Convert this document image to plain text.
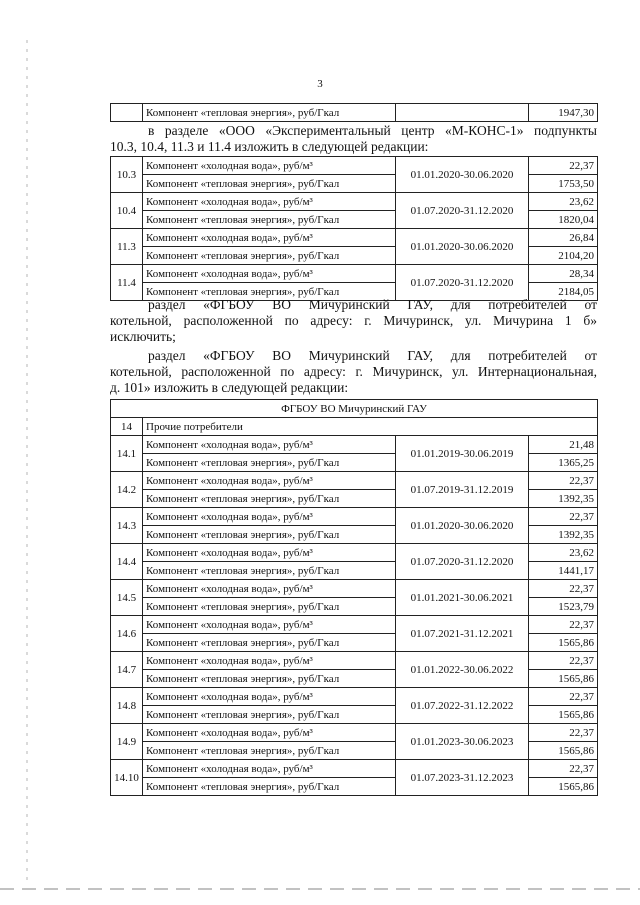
3
	Компонент «тепловая энергия», руб/Гкал		1947,30
в разделе «ООО «Экспериментальный центр «М-КОНС-1» подпункты
10.3, 10.4, 11.3 и 11.4 изложить в следующей редакции:
10.3	Компонент «холодная вода», руб/м³	01.01.2020-30.06.2020	22,37
	Компонент «тепловая энергия», руб/Гкал		1753,50
10.4	Компонент «холодная вода», руб/м³	01.07.2020-31.12.2020	23,62
	Компонент «тепловая энергия», руб/Гкал		1820,04
11.3	Компонент «холодная вода», руб/м³	01.01.2020-30.06.2020	26,84
	Компонент «тепловая энергия», руб/Гкал		2104,20
11.4	Компонент «холодная вода», руб/м³	01.07.2020-31.12.2020	28,34
	Компонент «тепловая энергия», руб/Гкал		2184,05
раздел «ФГБОУ ВО Мичуринский ГАУ, для потребителей от
котельной, расположенной по адресу: г. Мичуринск, ул. Мичурина 1 б»
исключить;
раздел «ФГБОУ ВО Мичуринский ГАУ, для потребителей от
котельной, расположенной по адресу: г. Мичуринск, ул. Интернациональная,
д. 101» изложить в следующей редакции:
ФГБОУ ВО Мичуринский ГАУ			
14	Прочие потребители		
14.1	Компонент «холодная вода», руб/м³	01.01.2019-30.06.2019	21,48
	Компонент «тепловая энергия», руб/Гкал		1365,25
14.2	Компонент «холодная вода», руб/м³	01.07.2019-31.12.2019	22,37
	Компонент «тепловая энергия», руб/Гкал		1392,35
14.3	Компонент «холодная вода», руб/м³	01.01.2020-30.06.2020	22,37
	Компонент «тепловая энергия», руб/Гкал		1392,35
14.4	Компонент «холодная вода», руб/м³	01.07.2020-31.12.2020	23,62
	Компонент «тепловая энергия», руб/Гкал		1441,17
14.5	Компонент «холодная вода», руб/м³	01.01.2021-30.06.2021	22,37
	Компонент «тепловая энергия», руб/Гкал		1523,79
14.6	Компонент «холодная вода», руб/м³	01.07.2021-31.12.2021	22,37
	Компонент «тепловая энергия», руб/Гкал		1565,86
14.7	Компонент «холодная вода», руб/м³	01.01.2022-30.06.2022	22,37
	Компонент «тепловая энергия», руб/Гкал		1565,86
14.8	Компонент «холодная вода», руб/м³	01.07.2022-31.12.2022	22,37
	Компонент «тепловая энергия», руб/Гкал		1565,86
14.9	Компонент «холодная вода», руб/м³	01.01.2023-30.06.2023	22,37
	Компонент «тепловая энергия», руб/Гкал		1565,86
14.10	Компонент «холодная вода», руб/м³	01.07.2023-31.12.2023	22,37
	Компонент «тепловая энергия», руб/Гкал		1565,86
